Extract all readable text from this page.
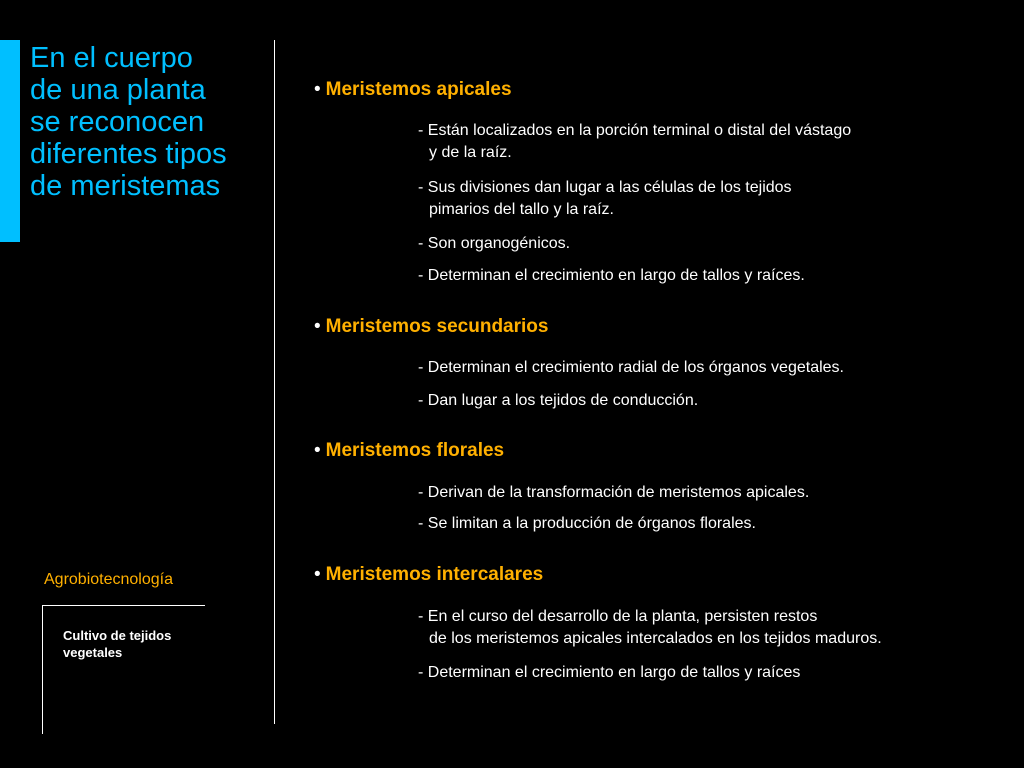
En el cuerpo
de una planta
se reconocen
diferentes tipos
de meristemas
Agrobiotecnología
Cultivo de tejidos
vegetales
• Meristemos apicales
- Están localizados en la porción terminal o distal del vástago
y de la raíz.
- Sus divisiones dan lugar a las células de los tejidos
pimarios del tallo y la raíz.
- Son organogénicos.
- Determinan el crecimiento en largo de tallos y raíces.
• Meristemos secundarios
- Determinan el crecimiento radial de los órganos vegetales.
- Dan lugar a los tejidos de conducción.
• Meristemos florales
- Derivan de la transformación de meristemos apicales.
- Se limitan a la producción de órganos florales.
• Meristemos intercalares
- En el curso del desarrollo de la planta, persisten restos
de los meristemos apicales intercalados en los tejidos maduros.
- Determinan el crecimiento en largo de tallos y raíces
